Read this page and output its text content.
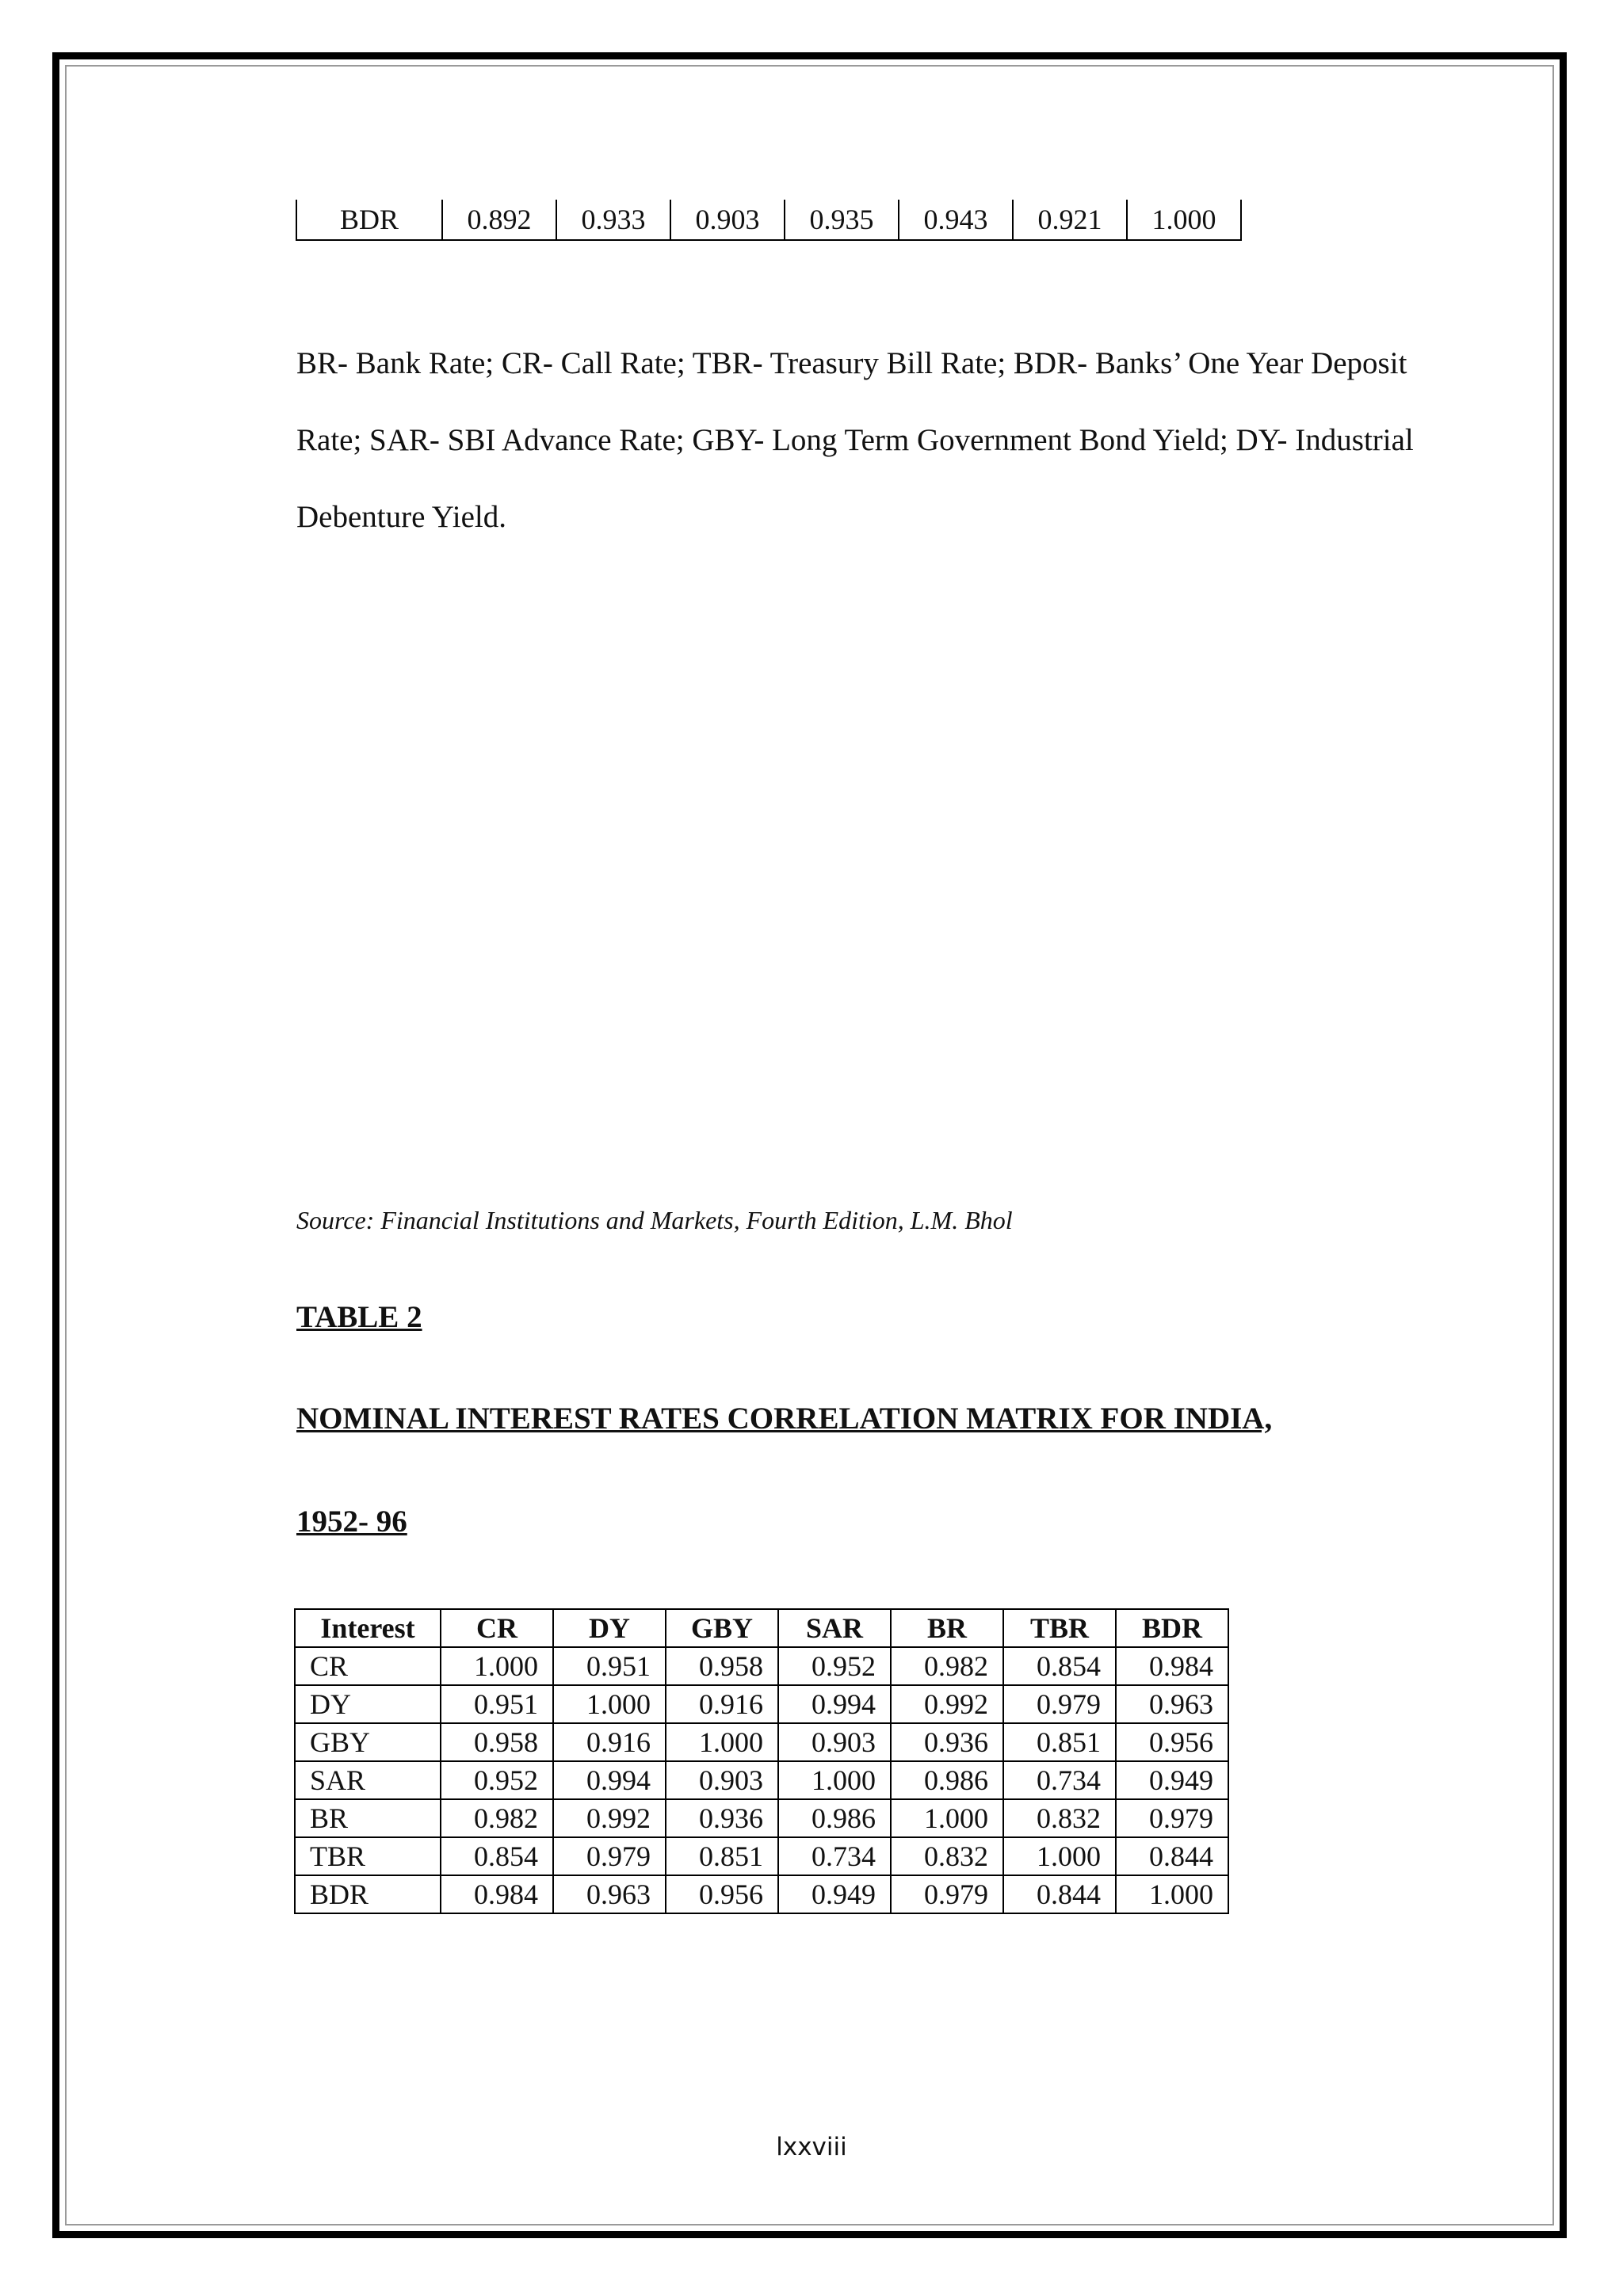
BDR	0.892	0.933	0.903	0.935	0.943	0.921	1.000

BR- Bank Rate; CR- Call Rate; TBR- Treasury Bill Rate; BDR- Banks’ One Year Deposit Rate; SAR- SBI Advance Rate; GBY- Long Term Government Bond Yield; DY- Industrial Debenture Yield.

Source: Financial Institutions and Markets, Fourth Edition, L.M. Bhol

TABLE 2

NOMINAL INTEREST RATES CORRELATION MATRIX FOR INDIA,

1952- 96

Interest	CR	DY	GBY	SAR	BR	TBR	BDR
CR	1.000	0.951	0.958	0.952	0.982	0.854	0.984
DY	0.951	1.000	0.916	0.994	0.992	0.979	0.963
GBY	0.958	0.916	1.000	0.903	0.936	0.851	0.956
SAR	0.952	0.994	0.903	1.000	0.986	0.734	0.949
BR	0.982	0.992	0.936	0.986	1.000	0.832	0.979
TBR	0.854	0.979	0.851	0.734	0.832	1.000	0.844
BDR	0.984	0.963	0.956	0.949	0.979	0.844	1.000

lxxviii
